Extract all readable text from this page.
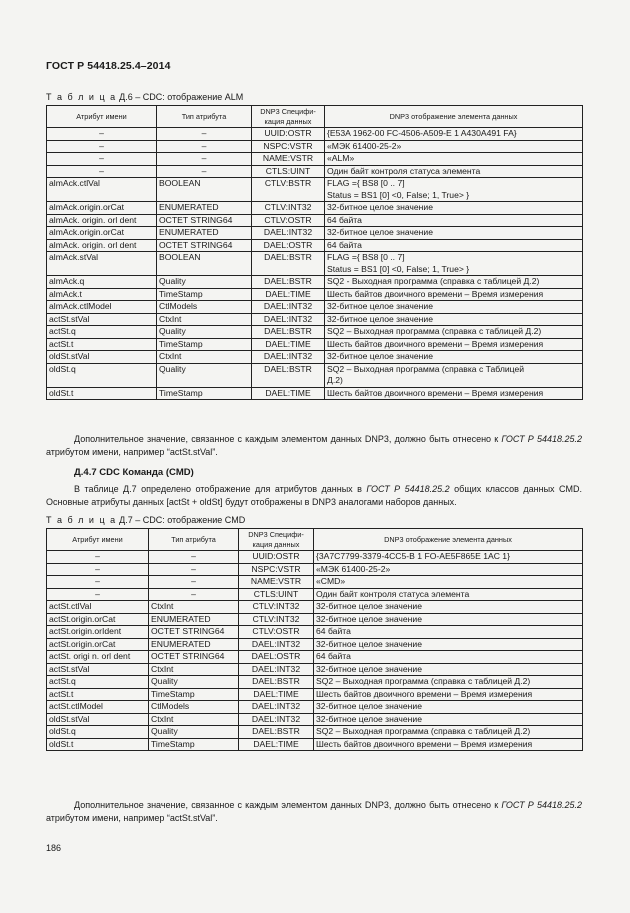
ГОСТ Р 54418.25.4–2014
Т а б л и ц а Д.6 – CDC: отображение ALM
Атрибут имени	Тип атрибута	DNP3 Специфи- кация данных	DNP3 отображение элемента данных
–	–	UUID:OSTR	{E53A 1962-00 FC-4506-A509-E 1 A430A491 FA}
–	–	NSPC:VSTR	«МЭК 61400-25-2»
–	–	NAME:VSTR	«ALM»
–	–	CTLS:UINT	Один байт контроля статуса элемента
almAck.ctlVal	BOOLEAN	CTLV:BSTR	FLAG ={ BS8 [0 .. 7]
Status = BS1 [0] <0, False; 1, True> }
almAck.origin.orCat	ENUMERATED	CTLV:INT32	32-битное целое значение
almAck. origin. orl dent	OCTET STRING64	CTLV:OSTR	64 байта
almAck.origin.orCat	ENUMERATED	DAEL:INT32	32-битное целое значение
almAck. origin. orl dent	OCTET STRING64	DAEL:OSTR	64 байта
almAck.stVal	BOOLEAN	DAEL:BSTR	FLAG ={ BS8 [0 .. 7]
Status = BS1 [0] <0, False; 1, True> }
almAck.q	Quality	DAEL:BSTR	SQ2 - Выходная программа (справка с таблицей Д.2)
almAck.t	TimeStamp	DAEL:TIME	Шесть байтов двоичного времени – Время измерения
almAck.ctlModel	CtlModels	DAEL:INT32	32-битное целое значение
actSt.stVal	CtxInt	DAEL:INT32	32-битное целое значение
actSt.q	Quality	DAEL:BSTR	SQ2 – Выходная программа (справка с таблицей Д.2)
actSt.t	TimeStamp	DAEL:TIME	Шесть байтов двоичного времени – Время измерения
oldSt.stVal	CtxInt	DAEL:INT32	32-битное целое значение
oldSt.q	Quality	DAEL:BSTR	SQ2 – Выходная программа (справка с Таблицей
Д.2)
oldSt.t	TimeStamp	DAEL:TIME	Шесть байтов двоичного времени – Время измерения
Дополнительное значение, связанное с каждым элементом данных DNP3, должно быть отнесено к ГОСТ Р 54418.25.2 атрибутом имени, например “actSt.stVal”.
Д.4.7 CDC Команда (CMD)
В таблице Д.7 определено отображение для атрибутов данных в ГОСТ Р 54418.25.2 общих классов данных CMD. Основные атрибуты данных [actSt + oldSt] будут отображены в DNP3 аналогами наборов данных.
Т а б л и ц а Д.7 – CDC: отображение CMD
Атрибут имени	Тип атрибута	DNP3 Специфи- кация данных	DNP3 отображение элемента данных
–	–	UUID:OSTR	{3A7C7799-3379-4CC5-B 1 FO-AE5F865E 1AC 1}
–	–	NSPC:VSTR	«МЭК 61400-25-2»
–	–	NAME:VSTR	«CMD»
–	–	CTLS:UINT	Один байт контроля статуса элемента
actSt.ctlVal	CtxInt	CTLV:INT32	32-битное целое значение
actSt.origin.orCat	ENUMERATED	CTLV:INT32	32-битное целое значение
actSt.origin.orIdent	OCTET STRING64	CTLV:OSTR	64 байта
actSt.origin.orCat	ENUMERATED	DAEL:INT32	32-битное целое значение
actSt. origi n. orl dent	OCTET STRING64	DAEL:OSTR	64 байта
actSt.stVal	CtxInt	DAEL:INT32	32-битное целое значение
actSt.q	Quality	DAEL:BSTR	SQ2 – Выходная программа (справка с таблицей Д.2)
actSt.t	TimeStamp	DAEL:TIME	Шесть байтов двоичного времени – Время измерения
actSt.ctlModel	CtlModels	DAEL:INT32	32-битное целое значение
oldSt.stVal	CtxInt	DAEL:INT32	32-битное целое значение
oldSt.q	Quality	DAEL:BSTR	SQ2 – Выходная программа (справка с таблицей Д.2)
oldSt.t	TimeStamp	DAEL:TIME	Шесть байтов двоичного времени – Время измерения
Дополнительное значение, связанное с каждым элементом данных DNP3, должно быть отнесено к ГОСТ Р 54418.25.2 атрибутом имени, например “actSt.stVal”.
186
